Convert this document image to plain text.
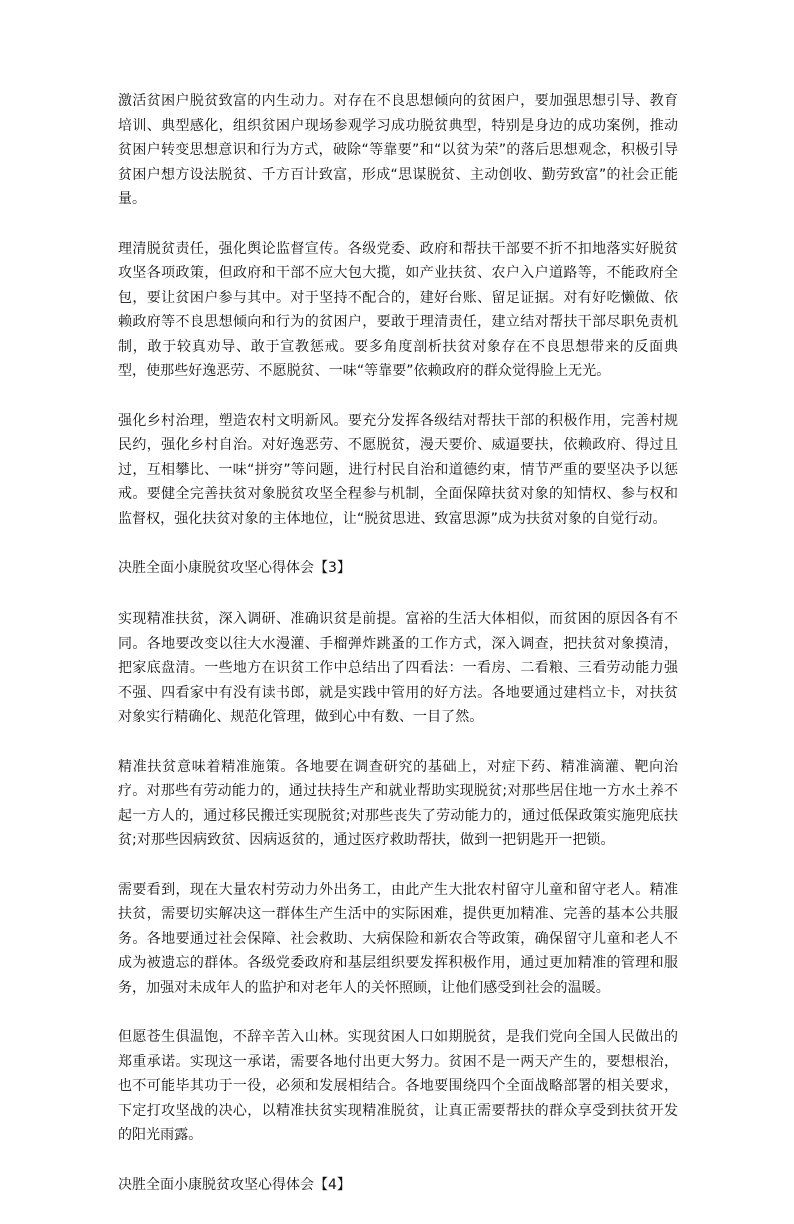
激活贫困户脱贫致富的内生动力。对存在不良思想倾向的贫困户，要加强思想引导、教育培训、典型感化，组织贫困户现场参观学习成功脱贫典型，特别是身边的成功案例，推动贫困户转变思想意识和行为方式，破除“等靠要”和“以贫为荣”的落后思想观念，积极引导贫困户想方设法脱贫、千方百计致富，形成“思谋脱贫、主动创收、勤劳致富”的社会正能量。

理清脱贫责任，强化舆论监督宣传。各级党委、政府和帮扶干部要不折不扣地落实好脱贫攻坚各项政策，但政府和干部不应大包大揽，如产业扶贫、农户入户道路等，不能政府全包，要让贫困户参与其中。对于坚持不配合的，建好台账、留足证据。对有好吃懒做、依赖政府等不良思想倾向和行为的贫困户，要敢于理清责任，建立结对帮扶干部尽职免责机制，敢于较真劝导、敢于宣教惩戒。要多角度剖析扶贫对象存在不良思想带来的反面典型，使那些好逸恶劳、不愿脱贫、一味“等靠要”依赖政府的群众觉得脸上无光。

强化乡村治理，塑造农村文明新风。要充分发挥各级结对帮扶干部的积极作用，完善村规民约，强化乡村自治。对好逸恶劳、不愿脱贫，漫天要价、威逼要扶，依赖政府、得过且过，互相攀比、一味“拼穷”等问题，进行村民自治和道德约束，情节严重的要坚决予以惩戒。要健全完善扶贫对象脱贫攻坚全程参与机制，全面保障扶贫对象的知情权、参与权和监督权，强化扶贫对象的主体地位，让“脱贫思进、致富思源”成为扶贫对象的自觉行动。

决胜全面小康脱贫攻坚心得体会【3】

实现精准扶贫，深入调研、准确识贫是前提。富裕的生活大体相似，而贫困的原因各有不同。各地要改变以往大水漫灌、手榴弹炸跳蚤的工作方式，深入调查，把扶贫对象摸清，把家底盘清。一些地方在识贫工作中总结出了四看法：一看房、二看粮、三看劳动能力强不强、四看家中有没有读书郎，就是实践中管用的好方法。各地要通过建档立卡，对扶贫对象实行精确化、规范化管理，做到心中有数、一目了然。

精准扶贫意味着精准施策。各地要在调查研究的基础上，对症下药、精准滴灌、靶向治疗。对那些有劳动能力的，通过扶持生产和就业帮助实现脱贫;对那些居住地一方水土养不起一方人的，通过移民搬迁实现脱贫;对那些丧失了劳动能力的，通过低保政策实施兜底扶贫;对那些因病致贫、因病返贫的，通过医疗救助帮扶，做到一把钥匙开一把锁。

需要看到，现在大量农村劳动力外出务工，由此产生大批农村留守儿童和留守老人。精准扶贫，需要切实解决这一群体生产生活中的实际困难，提供更加精准、完善的基本公共服务。各地要通过社会保障、社会救助、大病保险和新农合等政策，确保留守儿童和老人不成为被遗忘的群体。各级党委政府和基层组织要发挥积极作用，通过更加精准的管理和服务，加强对未成年人的监护和对老年人的关怀照顾，让他们感受到社会的温暖。

但愿苍生俱温饱，不辞辛苦入山林。实现贫困人口如期脱贫，是我们党向全国人民做出的郑重承诺。实现这一承诺，需要各地付出更大努力。贫困不是一两天产生的，要想根治，也不可能毕其功于一役，必须和发展相结合。各地要围绕四个全面战略部署的相关要求，下定打攻坚战的决心，以精准扶贫实现精准脱贫，让真正需要帮扶的群众享受到扶贫开发的阳光雨露。

决胜全面小康脱贫攻坚心得体会【4】
